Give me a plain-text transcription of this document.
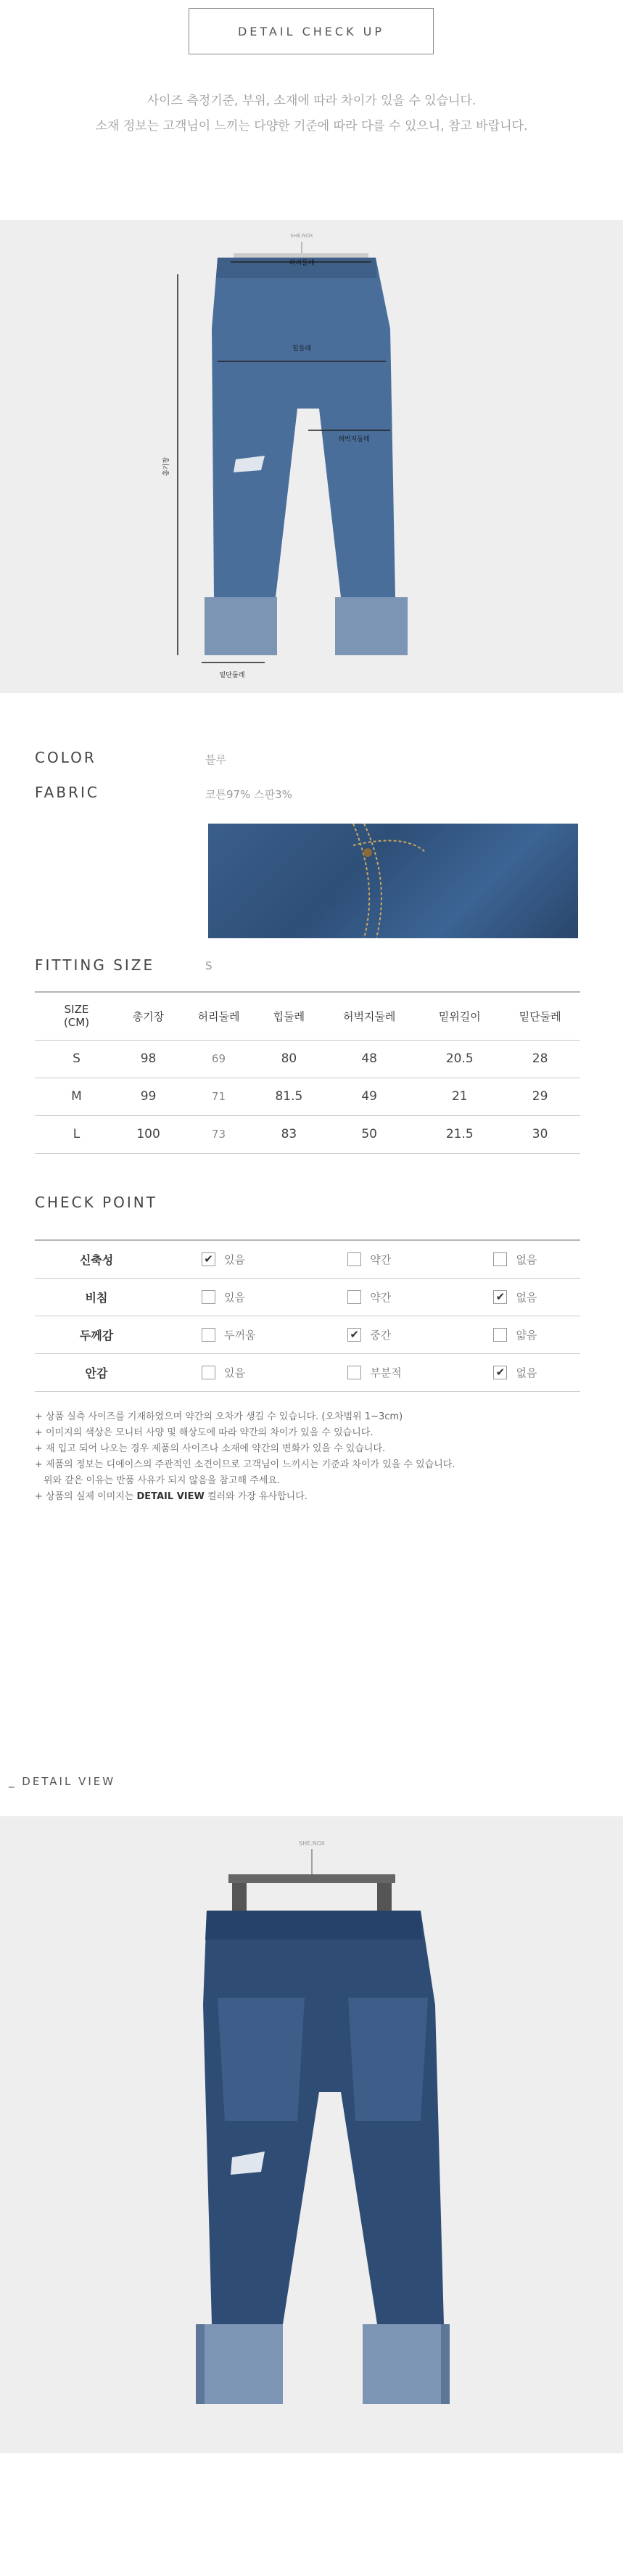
DETAIL CHECK UP
사이즈 측정기준, 부위, 소재에 따라 차이가 있을 수 있습니다.
소재 정보는 고객님이 느끼는 다양한 기준에 따라 다를 수 있으니, 참고 바랍니다.
SHE.NOX
허리둘레
힙둘레
허벅지둘레
총기장
밑단둘레
COLOR	블루
FABRIC	코튼97% 스판3%
FITTING SIZE	S
SIZE
(CM)	총기장	허리둘레	힙둘레	허벅지둘레	밑위길이	밑단둘레
S	98	69	80	48	20.5	28
M	99	71	81.5	49	21	29
L	100	73	83	50	21.5	30
CHECK POINT
신축성	✔ 있음	약간	없음

비침	있음	약간	✔ 없음

두께감	두꺼움	✔ 중간	얇음

안감	있음	부분적	✔ 없음
+ 상품 실측 사이즈를 기재하였으며 약간의 오차가 생길 수 있습니다. (오차범위 1~3cm)
+ 이미지의 색상은 모니터 사양 및 해상도에 따라 약간의 차이가 있을 수 있습니다.
+ 재 입고 되어 나오는 경우 제품의 사이즈나 소재에 약간의 변화가 있을 수 있습니다.
+ 제품의 정보는 디에이스의 주관적인 소견이므로 고객님이 느끼시는 기준과 차이가 있을 수 있습니다.
위와 같은 이유는 반품 사유가 되지 않음을 참고해 주세요.
+ 상품의 실제 이미지는 DETAIL VIEW 컬러와 가장 유사합니다.
_ DETAIL VIEW
SHE.NOX
